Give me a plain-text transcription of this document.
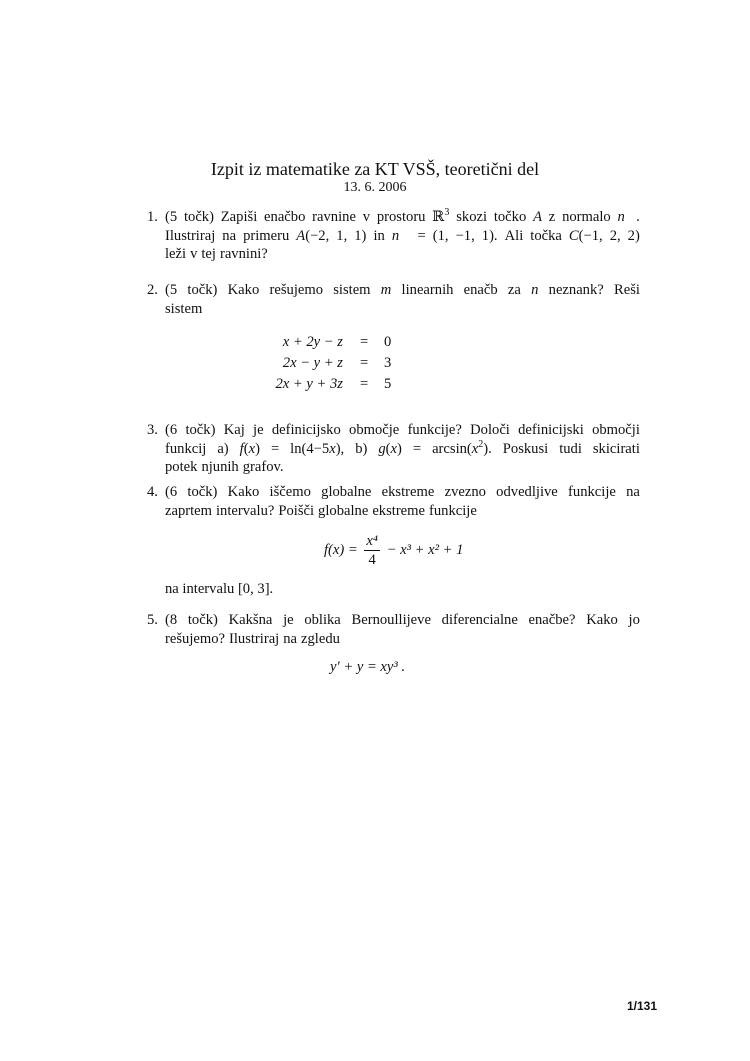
Izpit iz matematike za KT VSŠ, teoretični del
13. 6. 2006
1. (5 točk) Zapiši enačbo ravnine v prostoru ℝ$^3$ skozi točko A z normalo n⃗.
Ilustriraj na primeru A(−2, 1, 1) in n⃗ = (1, −1, 1). Ali točka C(−1, 2, 2)
leži v tej ravnini?
2. (5 točk) Kako rešujemo sistem m linearnih enačb za n neznank? Reši
sistem
3. (6 točk) Kaj je definicijsko območje funkcije? Določi definicijski območji
funkcij a) f(x) = ln(4−5x), b) $g(x) = \arcsin(x^2)$. Poskusi tudi skicirati
potek njunih grafov.
4. (6 točk) Kako iščemo globalne ekstreme zvezno odvedljive funkcije na
zaprtem intervalu? Poišči globalne ekstreme funkcije
5. (8 točk) Kakšna je oblika Bernoullijeve diferencialne enačbe? Kako jo
rešujemo? Ilustriraj na zgledu
x + 2y − z = 0
2x − y + z = 3
2x + y + 3z = 5
$f(x) = \frac{\text{x⁴}}{4} - x^3 + x^2 + 1$
na intervalu [0, 3].
y′ + y = xy³ .
1/131
